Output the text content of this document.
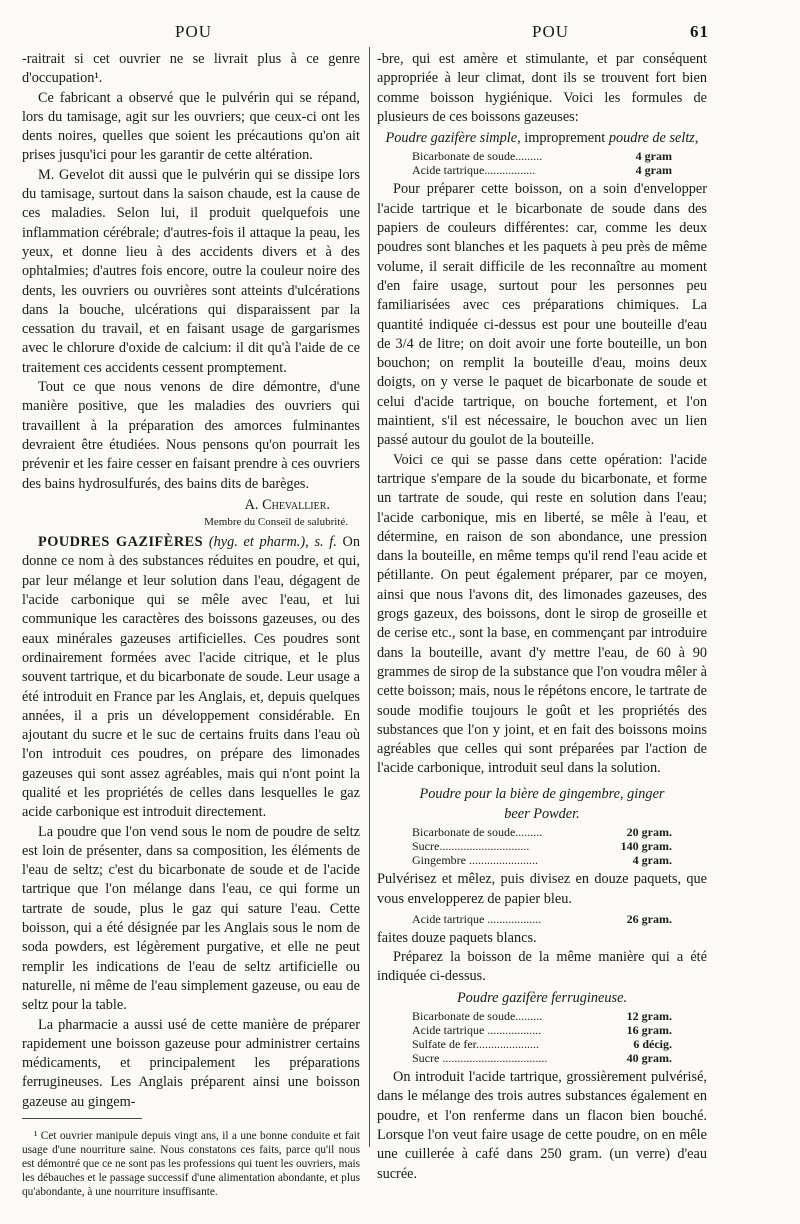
POU	POU	61

-raitrait si cet ouvrier ne se livrait plus à ce genre d'occupation¹.

Ce fabricant a observé que le pulvérin qui se répand, lors du tamisage, agit sur les ouvriers; que ceux-ci ont les dents noires, quelles que soient les précautions qu'on ait prises jusqu'ici pour les garantir de cette altération.

M. Gevelot dit aussi que le pulvérin qui se dissipe lors du tamisage, surtout dans la saison chaude, est la cause de ces maladies. Selon lui, il produit quelquefois une inflammation cérébrale; d'autres-fois il attaque la peau, les yeux, et donne lieu à des accidents divers et à des ophtalmies; d'autres fois encore, outre la couleur noire des dents, les ouvriers ou ouvrières sont atteints d'ulcérations dans la bouche, ulcérations qui disparaissent par la cessation du travail, et en faisant usage de gargarismes avec le chlorure d'oxide de calcium: il dit qu'à l'aide de ce traitement ces accidents cessent promptement.

Tout ce que nous venons de dire démontre, d'une manière positive, que les maladies des ouvriers qui travaillent à la préparation des amorces fulminantes devraient être étudiées. Nous pensons qu'on pourrait les prévenir et les faire cesser en faisant prendre à ces ouvriers des bains hydrosulfurés, des bains dits de barèges.

A. Chevallier.
Membre du Conseil de salubrité.

POUDRES GAZIFÈRES (hyg. et pharm.), s. f. On donne ce nom à des substances réduites en poudre, et qui, par leur mélange et leur solution dans l'eau, dégagent de l'acide carbonique qui se mêle avec l'eau, et lui communique les caractères des boissons gazeuses, ou des eaux minérales gazeuses artificielles. Ces poudres sont ordinairement formées avec l'acide citrique, et le plus souvent tartrique, et du bicarbonate de soude. Leur usage a été introduit en France par les Anglais, et, depuis quelques années, il a pris un développement considérable. En ajoutant du sucre et le suc de certains fruits dans l'eau où l'on introduit ces poudres, on prépare des limonades gazeuses qui sont assez agréables, mais qui n'ont point la qualité et les propriétés de celles dans lesquelles le gaz acide carbonique est introduit directement.

La poudre que l'on vend sous le nom de poudre de seltz est loin de présenter, dans sa composition, les éléments de l'eau de seltz; c'est du bicarbonate de soude et de l'acide tartrique que l'on mélange dans l'eau, ce qui forme un tartrate de soude, plus le gaz qui sature l'eau. Cette boisson, qui a été désignée par les Anglais sous le nom de soda powders, est légèrement purgative, et elle ne peut remplir les indications de l'eau de seltz artificielle ou naturelle, ni même de l'eau simplement gazeuse, ou eau de seltz pour la table.

La pharmacie a aussi usé de cette manière de préparer rapidement une boisson gazeuse pour administrer certains médicaments, et principalement les préparations ferrugineuses. Les Anglais préparent ainsi une boisson gazeuse au gingem-

¹ Cet ouvrier manipule depuis vingt ans, il a une bonne conduite et fait usage d'une nourriture saine. Nous constatons ces faits, parce qu'il nous est démontré que ce ne sont pas les professions qui tuent les ouvriers, mais les débauches et le passage successif d'une alimentation abondante, et plus qu'abondante, à une nourriture insuffisante.

-bre, qui est amère et stimulante, et par conséquent appropriée à leur climat, dont ils se trouvent fort bien comme boisson hygiénique. Voici les formules de plusieurs de ces boissons gazeuses:

Poudre gazifère simple, improprement poudre de seltz,

Bicarbonate de soude.........	4 gram
Acide tartrique.................	4 gram

Pour préparer cette boisson, on a soin d'envelopper l'acide tartrique et le bicarbonate de soude dans des papiers de couleurs différentes: car, comme les deux poudres sont blanches et les paquets à peu près de même volume, il serait difficile de les reconnaître au moment d'en faire usage, surtout pour les personnes peu familiarisées avec ces préparations chimiques. La quantité indiquée ci-dessus est pour une bouteille d'eau de 3/4 de litre; on doit avoir une forte bouteille, un bon bouchon; on remplit la bouteille d'eau, moins deux doigts, on y verse le paquet de bicarbonate de soude et celui d'acide tartrique, on bouche fortement, et l'on maintient, s'il est nécessaire, le bouchon avec un lien passé autour du goulot de la bouteille.

Voici ce qui se passe dans cette opération: l'acide tartrique s'empare de la soude du bicarbonate, et forme un tartrate de soude, qui reste en solution dans l'eau; l'acide carbonique, mis en liberté, se mêle à l'eau, et détermine, en raison de son abondance, une pression dans la bouteille, en même temps qu'il rend l'eau acide et pétillante. On peut également préparer, par ce moyen, ainsi que nous l'avons dit, des limonades gazeuses, des grogs gazeux, des boissons, dont le sirop de groseille et de cerise etc., sont la base, en commençant par introduire dans la bouteille, avant d'y mettre l'eau, de 60 à 90 grammes de sirop de la substance que l'on voudra mêler à cette boisson; mais, nous le répétons encore, le tartrate de soude modifie toujours le goût et les propriétés des substances que l'on y joint, et en fait des boissons moins agréables que celles qui sont préparées par l'action de l'acide carbonique, introduit seul dans la solution.

Poudre pour la bière de gingembre, ginger

beer Powder.

Bicarbonate de soude.........	20 gram.
Sucre..............................	140 gram.
Gingembre .......................	4 gram.

Pulvérisez et mêlez, puis divisez en douze paquets, que vous envelopperez de papier bleu.

Acide tartrique ..................	26 gram.

faites douze paquets blancs.

Préparez la boisson de la même manière qui a été indiquée ci-dessus.

Poudre gazifère ferrugineuse.

Bicarbonate de soude.........	12 gram.
Acide tartrique ..................	16 gram.
Sulfate de fer.....................	6 décig.
Sucre ...................................	40 gram.

On introduit l'acide tartrique, grossièrement pulvérisé, dans le mélange des trois autres substances également en poudre, et l'on renferme dans un flacon bien bouché. Lorsque l'on veut faire usage de cette poudre, on en mêle une cuillerée à café dans 250 gram. (un verre) d'eau sucrée.
